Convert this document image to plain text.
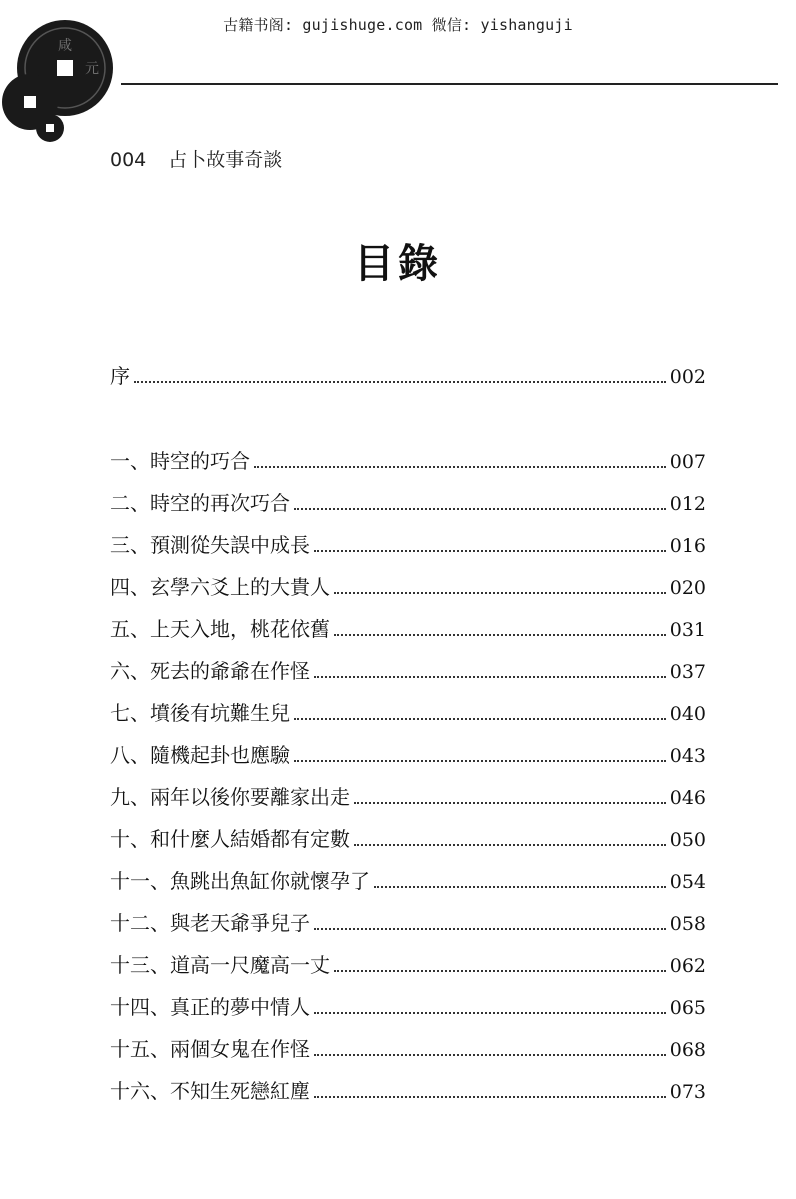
古籍书阁: gujishuge.com 微信: yishanguji
咸
元
004 占卜故事奇談
目錄
序	002
一、時空的巧合	007
二、時空的再次巧合	012
三、預測從失誤中成長	016
四、玄學六爻上的大貴人	020
五、上天入地，桃花依舊	031
六、死去的爺爺在作怪	037
七、墳後有坑難生兒	040
八、隨機起卦也應驗	043
九、兩年以後你要離家出走	046
十、和什麼人結婚都有定數	050
十一、魚跳出魚缸你就懷孕了	054
十二、與老天爺爭兒子	058
十三、道高一尺魔高一丈	062
十四、真正的夢中情人	065
十五、兩個女鬼在作怪	068
十六、不知生死戀紅塵	073
